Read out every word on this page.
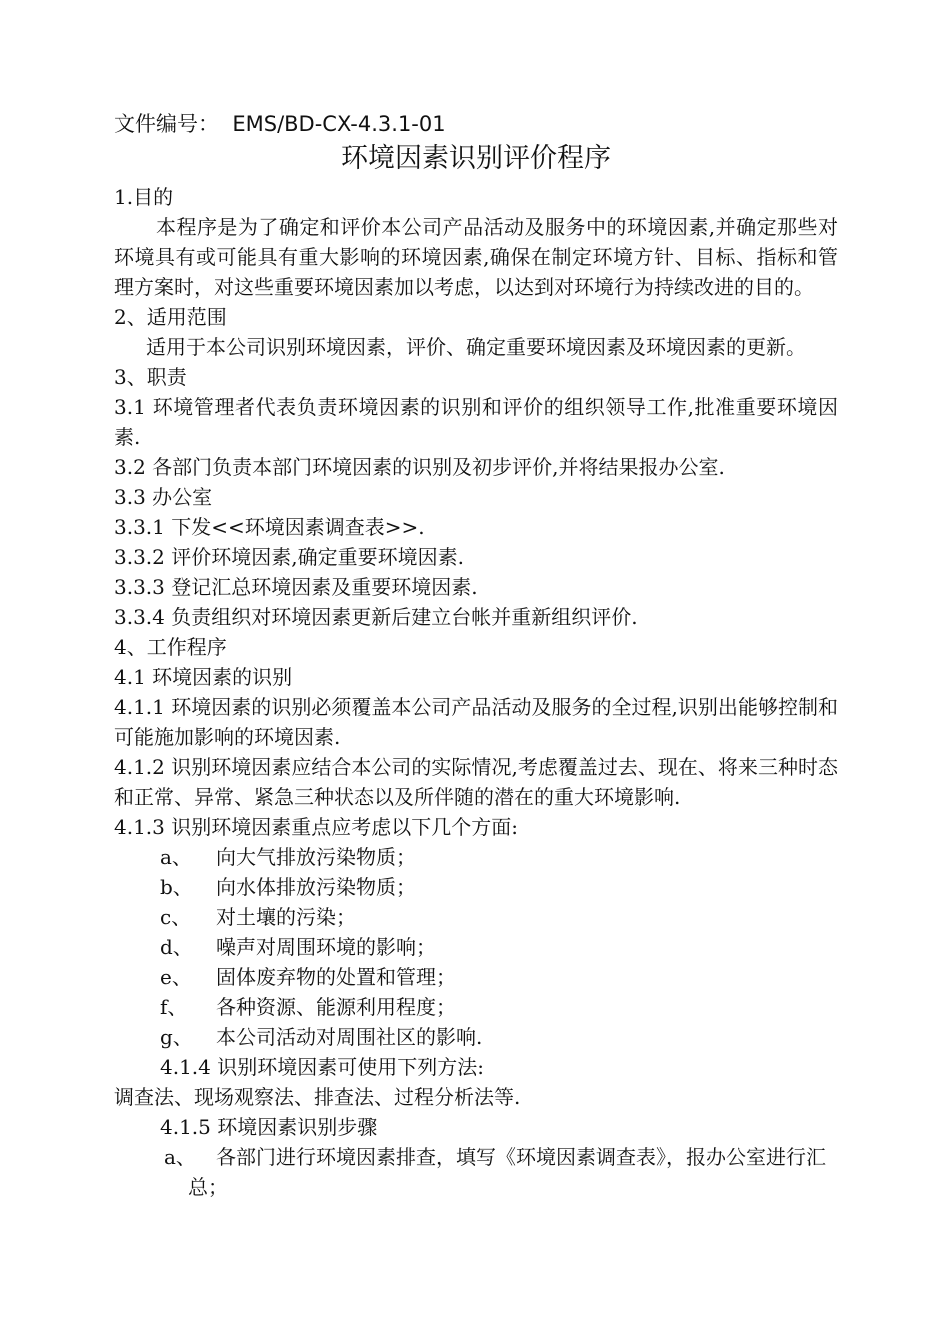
文件编号：  EMS/BD-CX-4.3.1-01
环境因素识别评价程序
1.目的
本程序是为了确定和评价本公司产品活动及服务中的环境因素,并确定那些对环境具有或可能具有重大影响的环境因素,确保在制定环境方针、目标、指标和管理方案时，对这些重要环境因素加以考虑，以达到对环境行为持续改进的目的。
2、适用范围
适用于本公司识别环境因素，评价、确定重要环境因素及环境因素的更新。
3、职责
3.1 环境管理者代表负责环境因素的识别和评价的组织领导工作,批准重要环境因素.
3.2 各部门负责本部门环境因素的识别及初步评价,并将结果报办公室.
3.3 办公室
3.3.1 下发<<环境因素调查表>>.
3.3.2 评价环境因素,确定重要环境因素.
3.3.3 登记汇总环境因素及重要环境因素.
3.3.4 负责组织对环境因素更新后建立台帐并重新组织评价.
4、工作程序
4.1 环境因素的识别
4.1.1 环境因素的识别必须覆盖本公司产品活动及服务的全过程,识别出能够控制和可能施加影响的环境因素.
4.1.2 识别环境因素应结合本公司的实际情况,考虑覆盖过去、现在、将来三种时态和正常、异常、紧急三种状态以及所伴随的潜在的重大环境影响.
4.1.3 识别环境因素重点应考虑以下几个方面:
a、 向大气排放污染物质；
b、 向水体排放污染物质；
c、 对土壤的污染；
d、 噪声对周围环境的影响；
e、 固体废弃物的处置和管理；
f、 各种资源、能源利用程度；
g、 本公司活动对周围社区的影响.
4.1.4 识别环境因素可使用下列方法:
调查法、现场观察法、排查法、过程分析法等.
4.1.5 环境因素识别步骤
a、 各部门进行环境因素排查，填写《环境因素调查表》，报办公室进行汇总；
